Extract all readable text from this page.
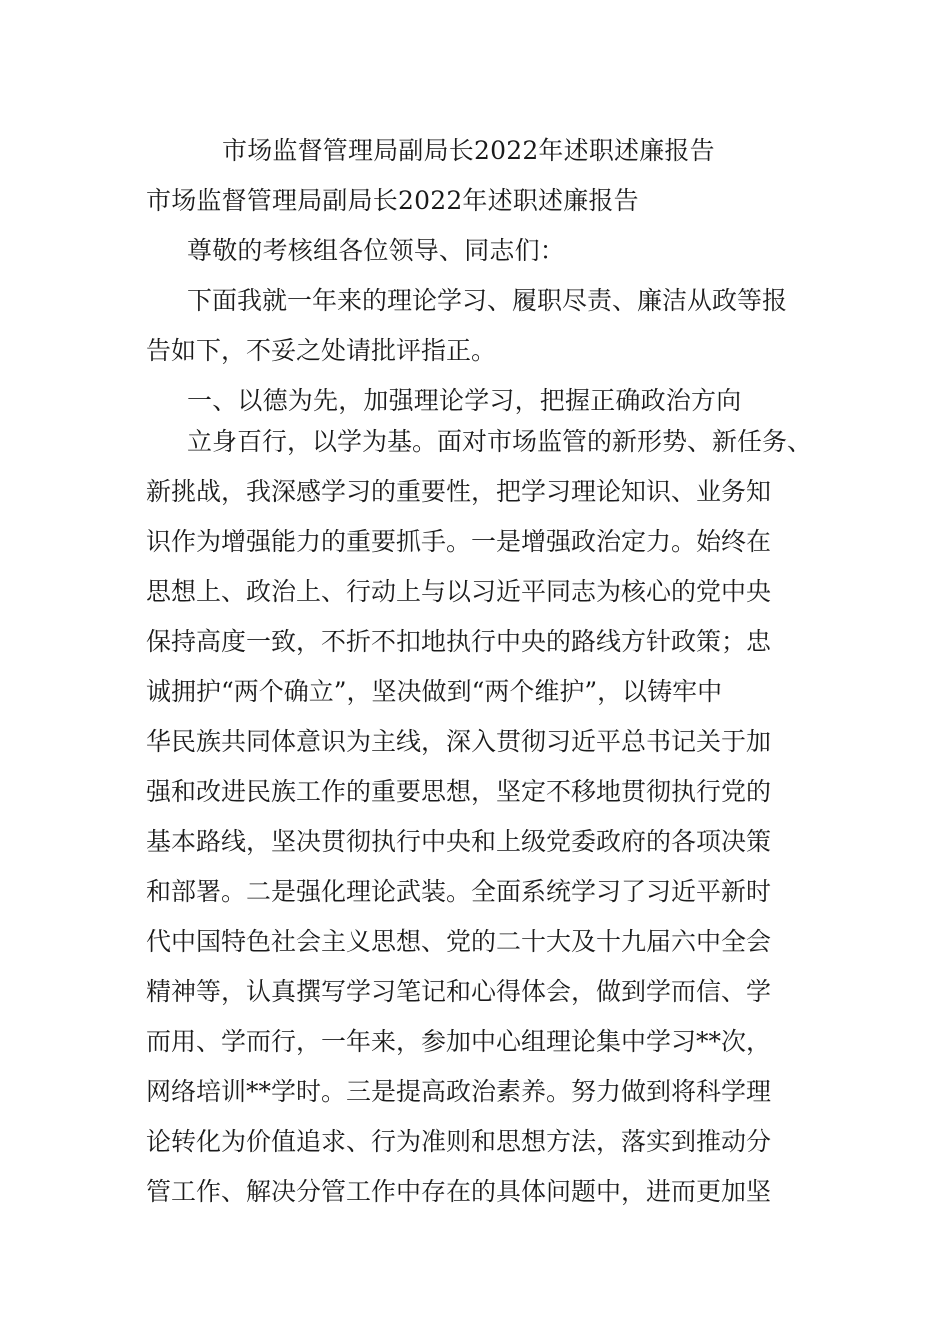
市场监督管理局副局长2022年述职述廉报告
市场监督管理局副局长2022年述职述廉报告
尊敬的考核组各位领导、同志们：
下面我就一年来的理论学习、履职尽责、廉洁从政等报
告如下，不妥之处请批评指正。
一、以德为先，加强理论学习，把握正确政治方向
立身百行，以学为基。面对市场监管的新形势、新任务、
新挑战，我深感学习的重要性，把学习理论知识、业务知
识作为增强能力的重要抓手。一是增强政治定力。始终在
思想上、政治上、行动上与以习近平同志为核心的党中央
保持高度一致，不折不扣地执行中央的路线方针政策；忠
诚拥护“两个确立”，坚决做到“两个维护”，以铸牢中
华民族共同体意识为主线，深入贯彻习近平总书记关于加
强和改进民族工作的重要思想，坚定不移地贯彻执行党的
基本路线，坚决贯彻执行中央和上级党委政府的各项决策
和部署。二是强化理论武装。全面系统学习了习近平新时
代中国特色社会主义思想、党的二十大及十九届六中全会
精神等，认真撰写学习笔记和心得体会，做到学而信、学
而用、学而行，一年来，参加中心组理论集中学习**次，
网络培训**学时。三是提高政治素养。努力做到将科学理
论转化为价值追求、行为准则和思想方法，落实到推动分
管工作、解决分管工作中存在的具体问题中，进而更加坚
